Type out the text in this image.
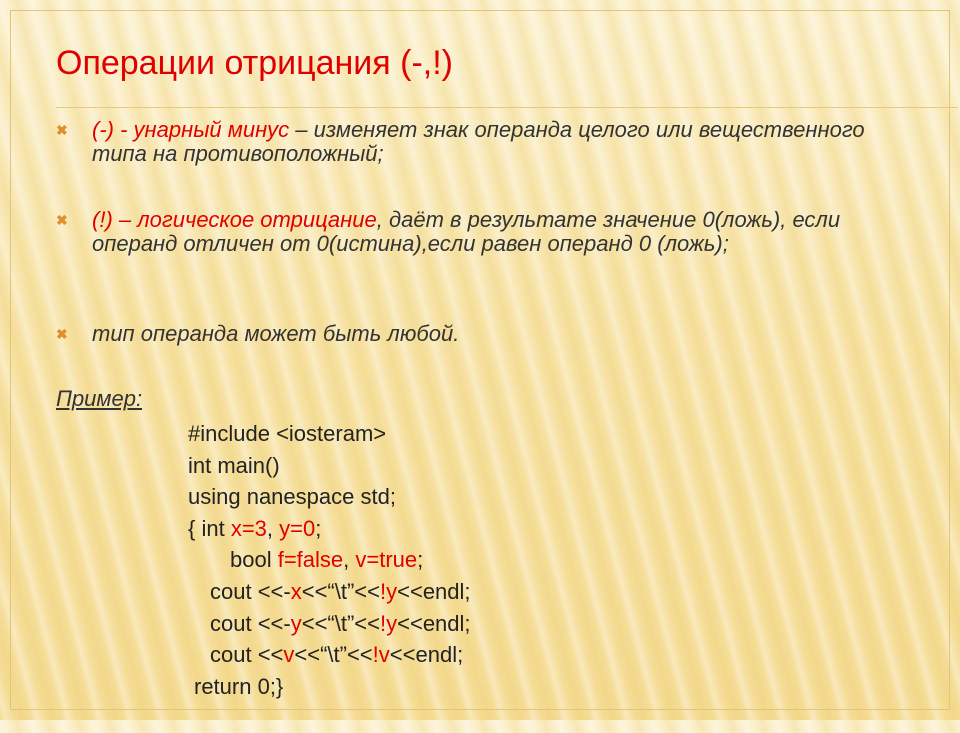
Операции отрицания (-,!)
✖ (-) - унарный минус – изменяет знак операнда целого или вещественного типа на противоположный;
✖ (!) – логическое отрицание, даёт в результате значение 0(ложь), если операнд отличен от 0(истина),если равен операнд 0 (ложь);
✖ тип операнда может быть любой.
Пример:

#include <iosteram>

int main()

using nanespace std;

{ int x=3, y=0;

bool f=false, v=true;

cout <<-x<<“\t”<<!y<<endl;

cout <<-y<<“\t”<<!y<<endl;

cout <<v<<“\t”<<!v<<endl;

return 0;}
